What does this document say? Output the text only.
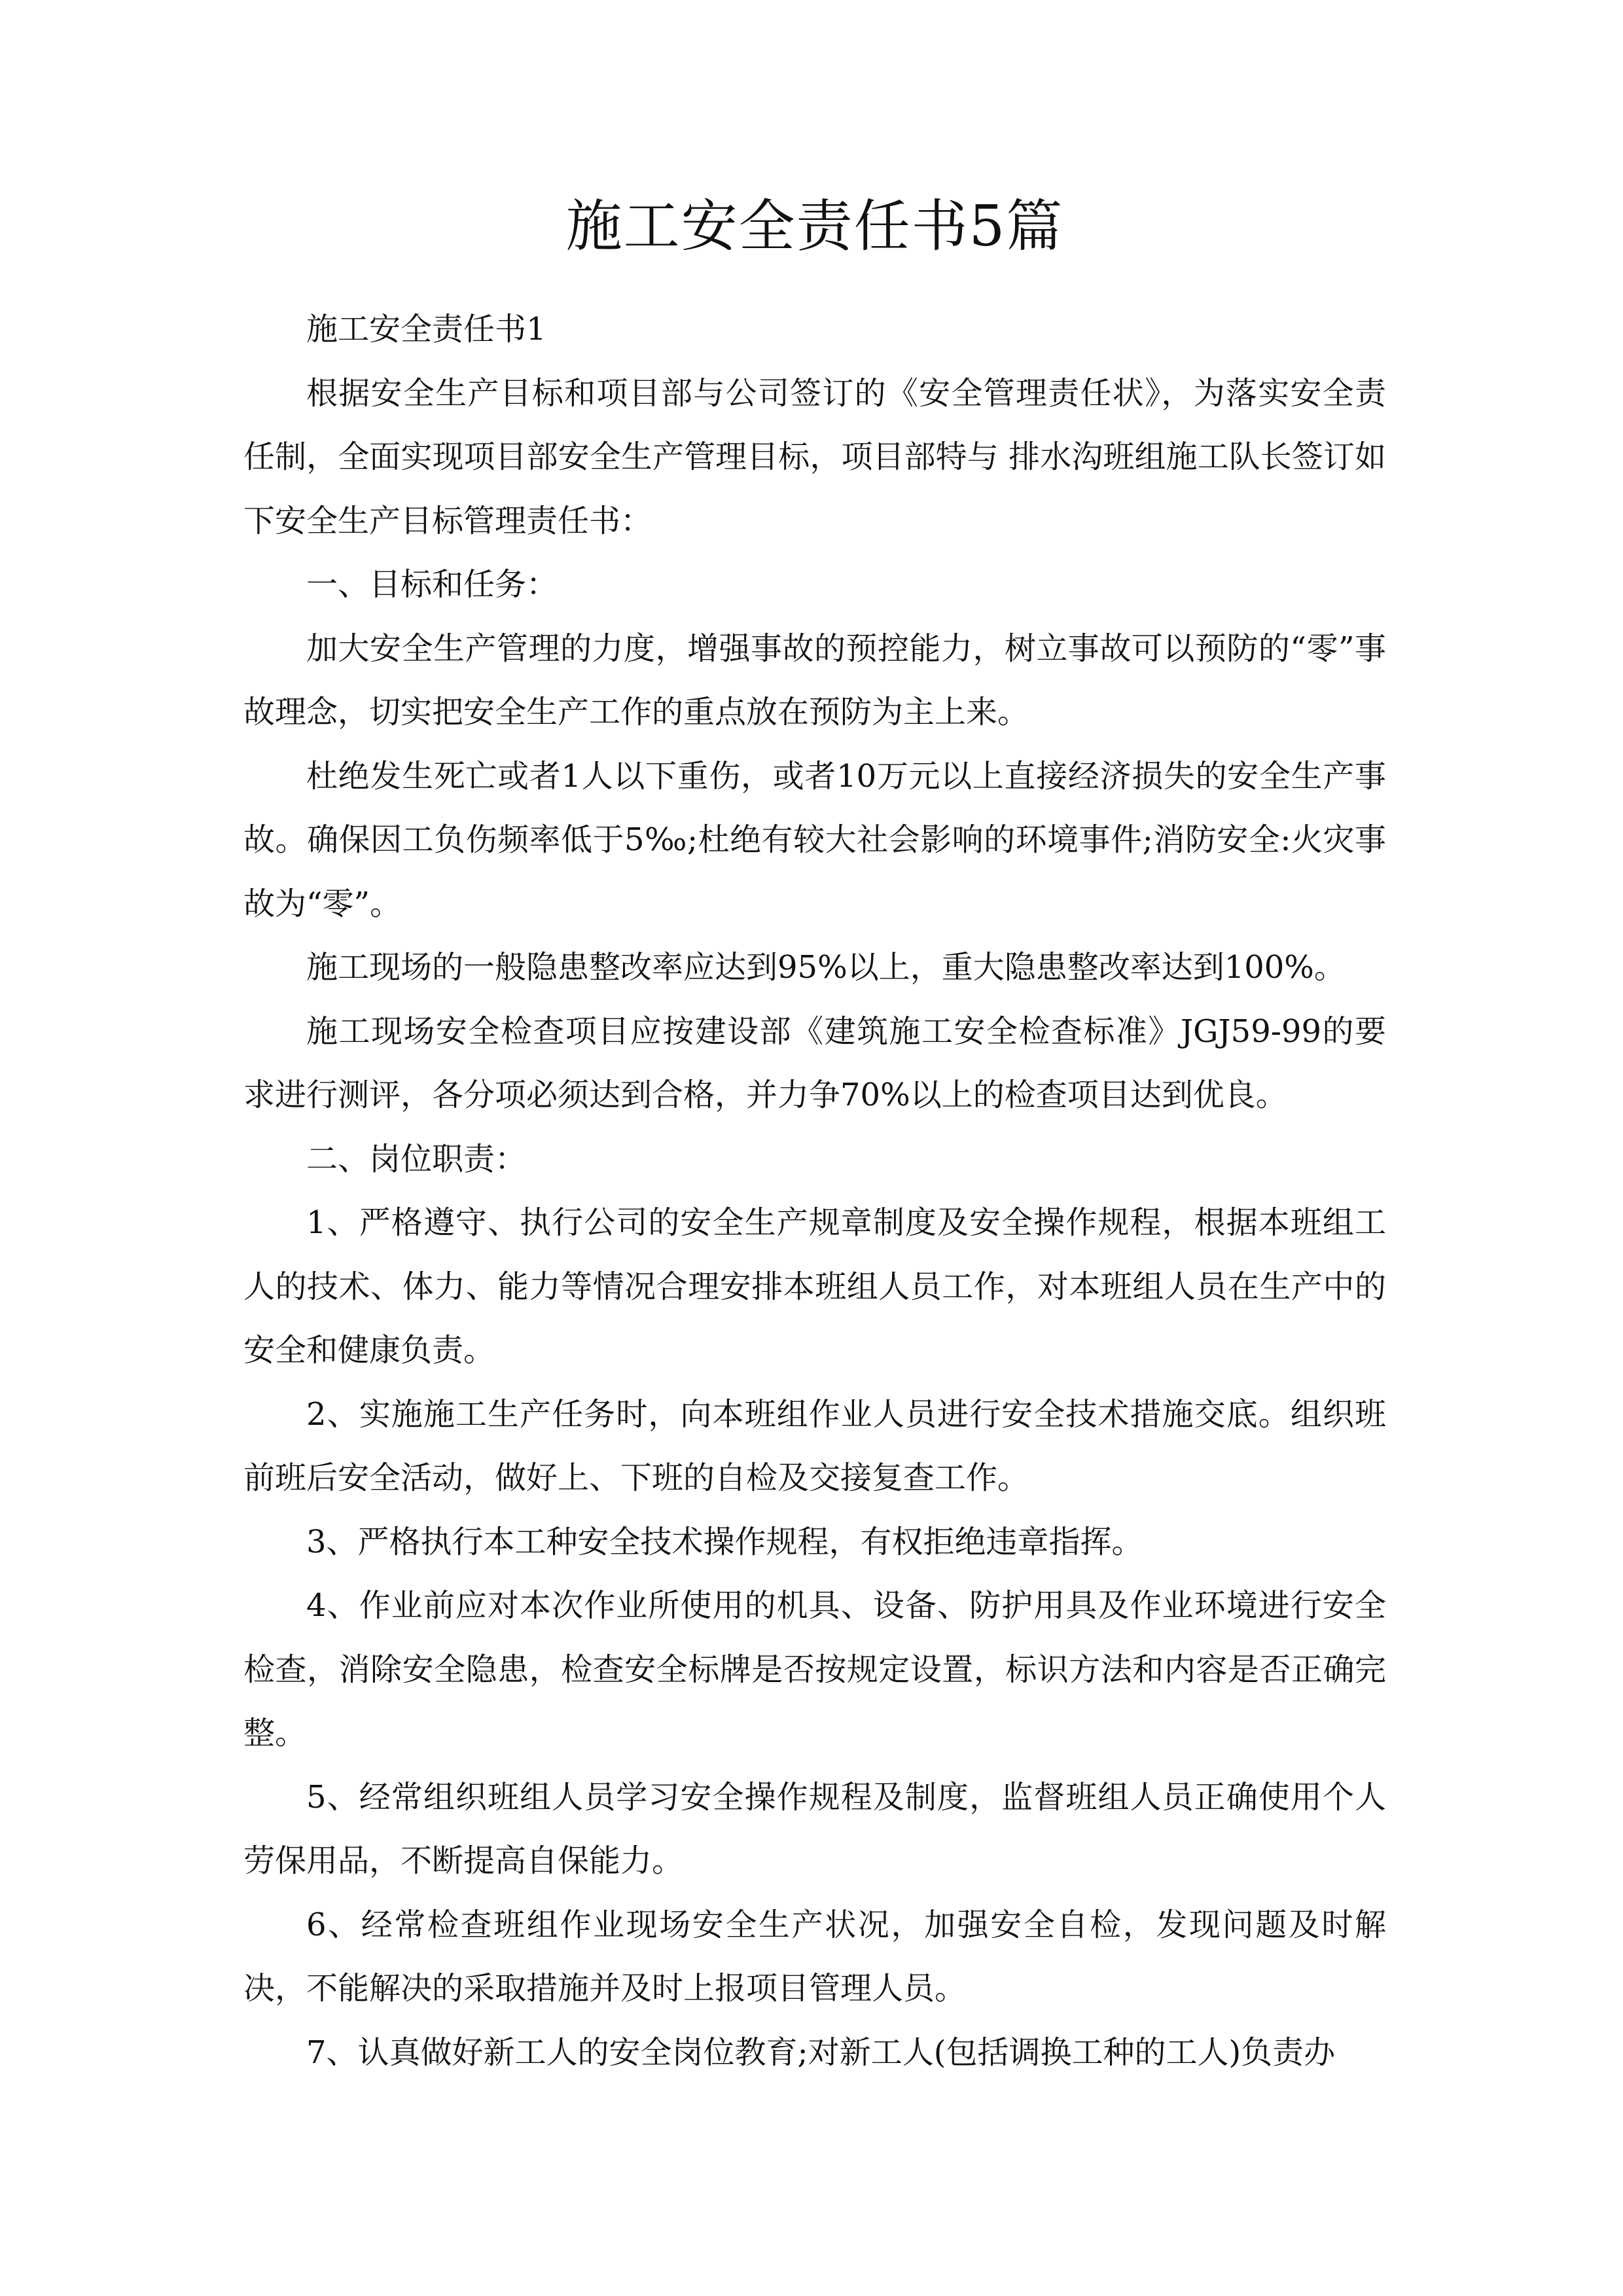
施工安全责任书5篇

施工安全责任书1

根据安全生产目标和项目部与公司签订的《安全管理责任状》，为落实安全责任制，全面实现项目部安全生产管理目标，项目部特与 排水沟班组施工队长签订如下安全生产目标管理责任书：

一、目标和任务：

加大安全生产管理的力度，增强事故的预控能力，树立事故可以预防的“零”事故理念，切实把安全生产工作的重点放在预防为主上来。

杜绝发生死亡或者1人以下重伤，或者10万元以上直接经济损失的安全生产事故。确保因工负伤频率低于5‰;杜绝有较大社会影响的环境事件;消防安全:火灾事故为“零”。

施工现场的一般隐患整改率应达到95%以上，重大隐患整改率达到100%。

施工现场安全检查项目应按建设部《建筑施工安全检查标准》JGJ59-99的要求进行测评，各分项必须达到合格，并力争70%以上的检查项目达到优良。

二、岗位职责：

1、严格遵守、执行公司的安全生产规章制度及安全操作规程，根据本班组工人的技术、体力、能力等情况合理安排本班组人员工作，对本班组人员在生产中的安全和健康负责。

2、实施施工生产任务时，向本班组作业人员进行安全技术措施交底。组织班前班后安全活动，做好上、下班的自检及交接复查工作。

3、严格执行本工种安全技术操作规程，有权拒绝违章指挥。

4、作业前应对本次作业所使用的机具、设备、防护用具及作业环境进行安全检查，消除安全隐患，检查安全标牌是否按规定设置，标识方法和内容是否正确完整。

5、经常组织班组人员学习安全操作规程及制度，监督班组人员正确使用个人劳保用品，不断提高自保能力。

6、经常检查班组作业现场安全生产状况，加强安全自检，发现问题及时解决，不能解决的采取措施并及时上报项目管理人员。

7、认真做好新工人的安全岗位教育;对新工人(包括调换工种的工人)负责办
